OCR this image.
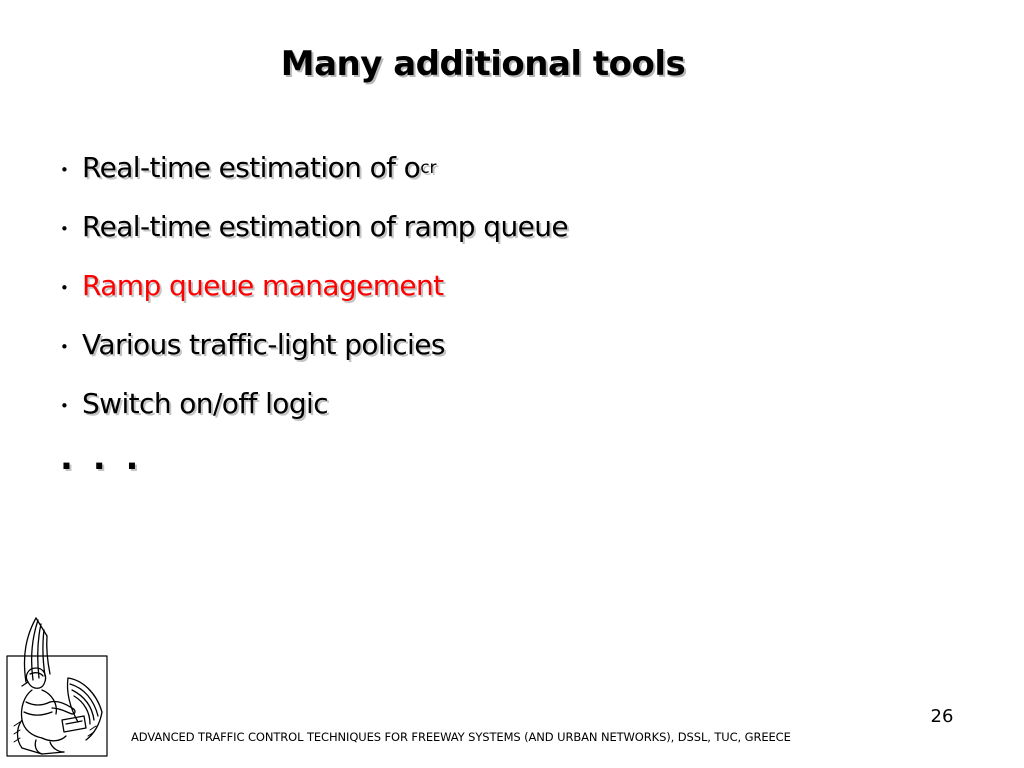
Many additional tools
• Real-time estimation of o cr
• Real-time estimation of ramp queue
• Ramp queue management
• Various traffic-light policies
• Switch on/off logic
. . .
26
ADVANCED TRAFFIC CONTROL TECHNIQUES FOR FREEWAY SYSTEMS (AND URBAN NETWORKS), DSSL, TUC, GREECE
